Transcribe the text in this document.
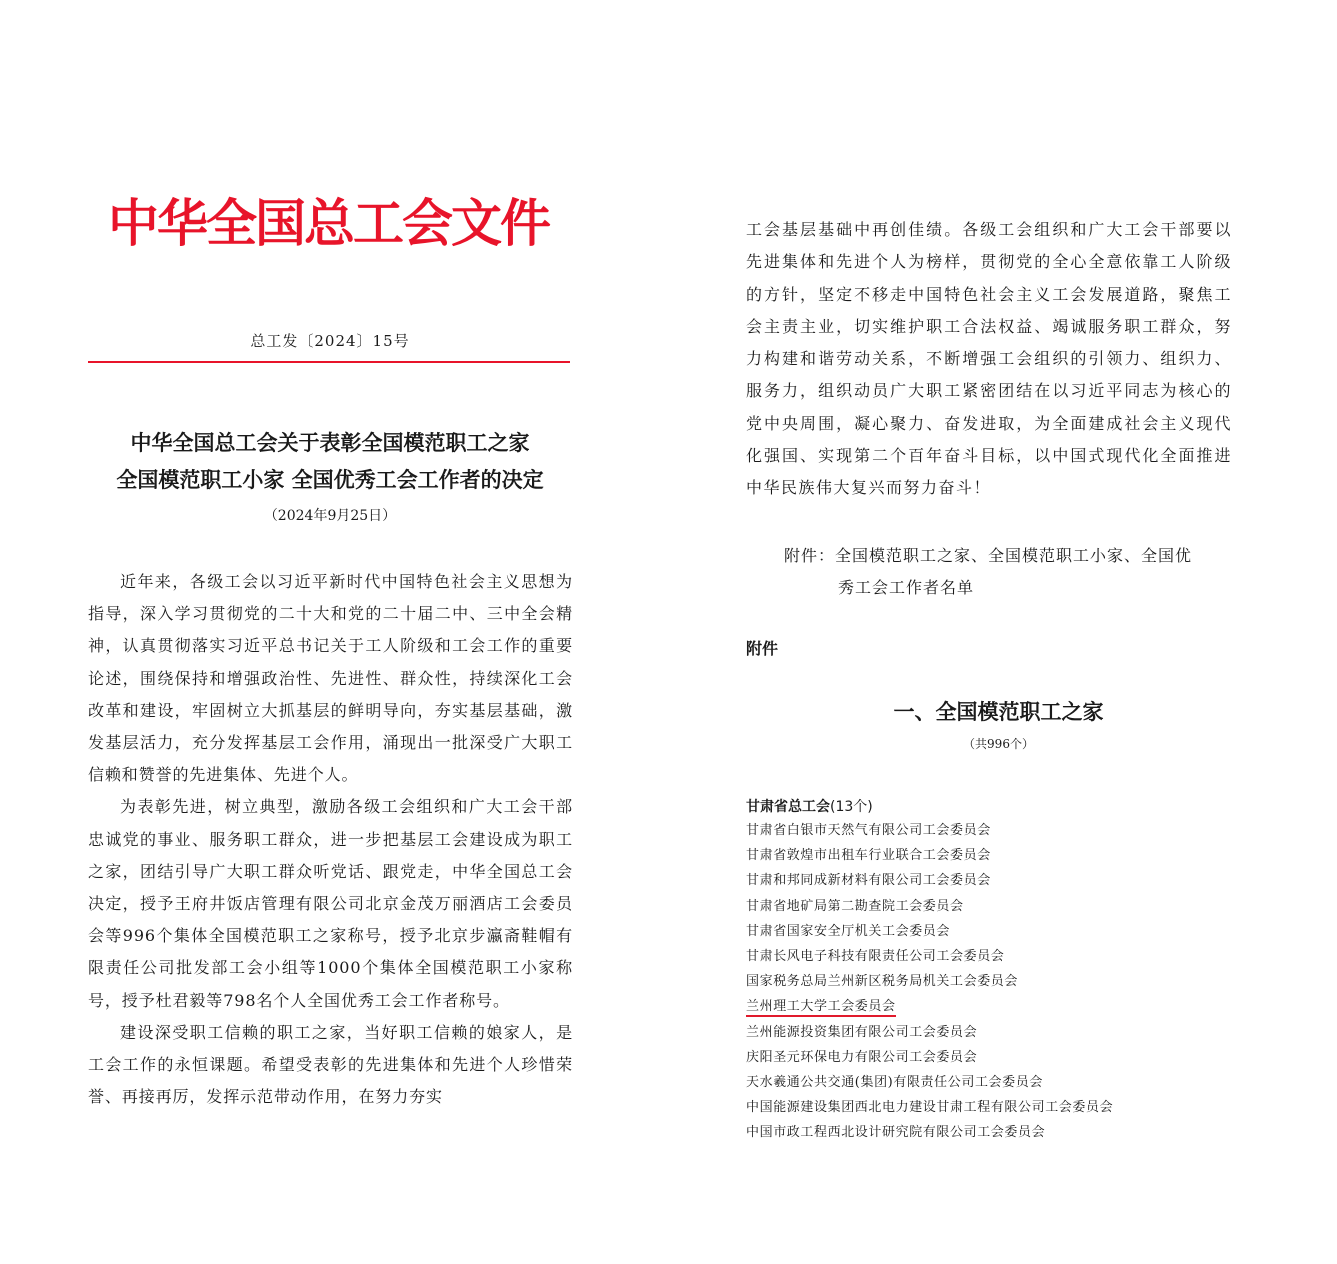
中华全国总工会文件
总工发〔2024〕15号
中华全国总工会关于表彰全国模范职工之家
全国模范职工小家 全国优秀工会工作者的决定
（2024年9月25日）

近年来，各级工会以习近平新时代中国特色社会主义思想为指导，深入学习贯彻党的二十大和党的二十届二中、三中全会精神，认真贯彻落实习近平总书记关于工人阶级和工会工作的重要论述，围绕保持和增强政治性、先进性、群众性，持续深化工会改革和建设，牢固树立大抓基层的鲜明导向，夯实基层基础，激发基层活力，充分发挥基层工会作用，涌现出一批深受广大职工信赖和赞誉的先进集体、先进个人。

为表彰先进，树立典型，激励各级工会组织和广大工会干部忠诚党的事业、服务职工群众，进一步把基层工会建设成为职工之家，团结引导广大职工群众听党话、跟党走，中华全国总工会决定，授予王府井饭店管理有限公司北京金茂万丽酒店工会委员会等996个集体全国模范职工之家称号，授予北京步瀛斋鞋帽有限责任公司批发部工会小组等1000个集体全国模范职工小家称号，授予杜君毅等798名个人全国优秀工会工作者称号。

建设深受职工信赖的职工之家，当好职工信赖的娘家人，是工会工作的永恒课题。希望受表彰的先进集体和先进个人珍惜荣誉、再接再厉，发挥示范带动作用，在努力夯实

工会基层基础中再创佳绩。各级工会组织和广大工会干部要以先进集体和先进个人为榜样，贯彻党的全心全意依靠工人阶级的方针，坚定不移走中国特色社会主义工会发展道路，聚焦工会主责主业，切实维护职工合法权益、竭诚服务职工群众，努力构建和谐劳动关系，不断增强工会组织的引领力、组织力、服务力，组织动员广大职工紧密团结在以习近平同志为核心的党中央周围，凝心聚力、奋发进取，为全面建成社会主义现代化强国、实现第二个百年奋斗目标，以中国式现代化全面推进中华民族伟大复兴而努力奋斗！

附件：全国模范职工之家、全国模范职工小家、全国优
秀工会工作者名单
附件
一、全国模范职工之家
（共996个）
甘肃省总工会(13个)
甘肃省白银市天然气有限公司工会委员会
甘肃省敦煌市出租车行业联合工会委员会
甘肃和邦同成新材料有限公司工会委员会
甘肃省地矿局第二勘查院工会委员会
甘肃省国家安全厅机关工会委员会
甘肃长风电子科技有限责任公司工会委员会
国家税务总局兰州新区税务局机关工会委员会
兰州理工大学工会委员会
兰州能源投资集团有限公司工会委员会
庆阳圣元环保电力有限公司工会委员会
天水羲通公共交通(集团)有限责任公司工会委员会
中国能源建设集团西北电力建设甘肃工程有限公司工会委员会
中国市政工程西北设计研究院有限公司工会委员会
